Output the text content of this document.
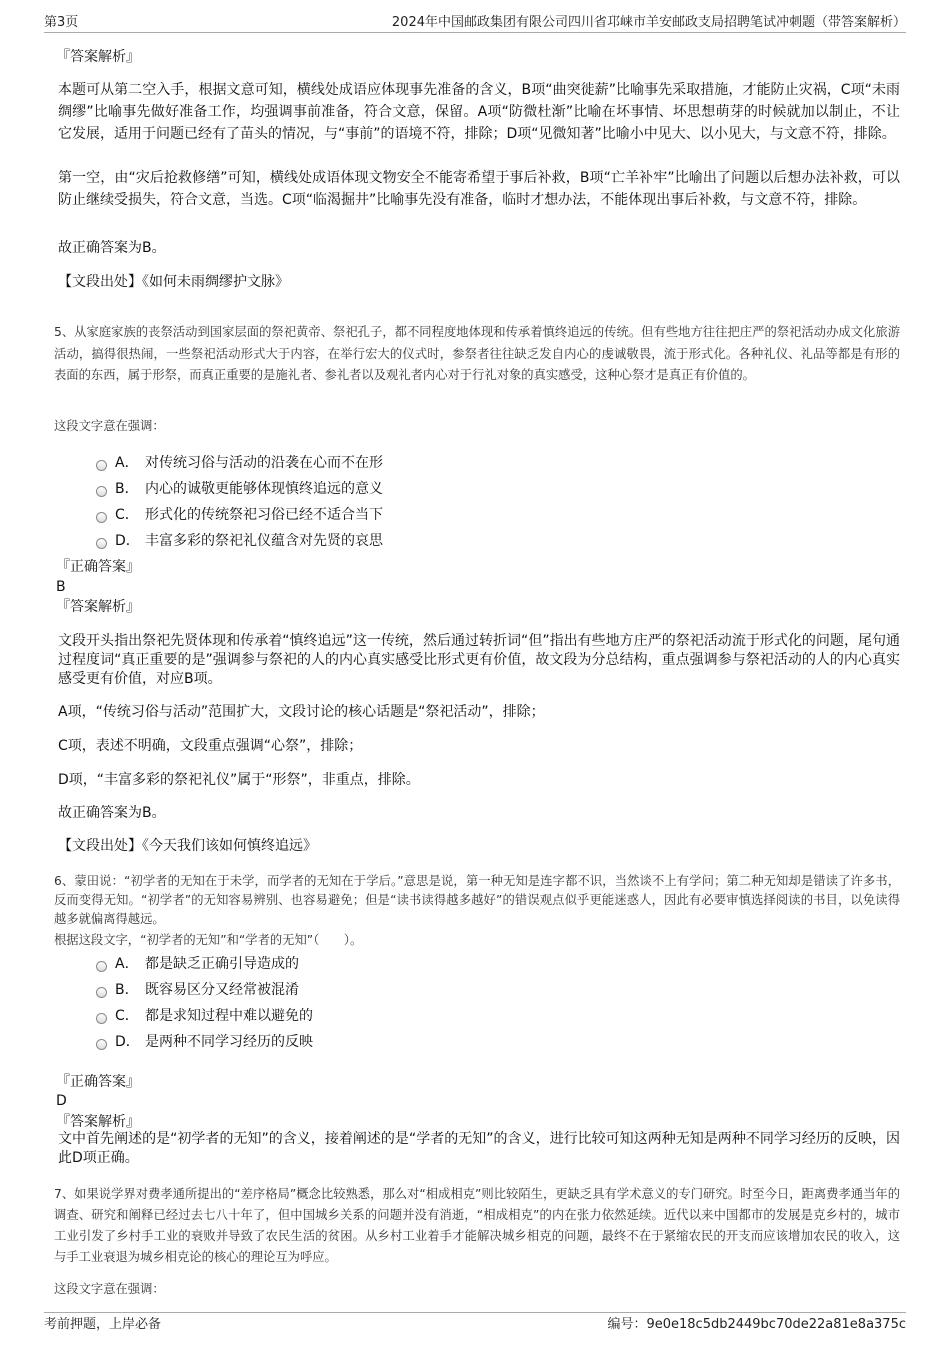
第3页	2024年中国邮政集团有限公司四川省邛崃市羊安邮政支局招聘笔试冲刺题（带答案解析）
『答案解析』
本题可从第二空入手，根据文意可知，横线处成语应体现事先准备的含义，B项“曲突徙薪”比喻事先采取措施，才能防止灾祸，C项“未雨绸缪”比喻事先做好准备工作，均强调事前准备，符合文意，保留。A项“防微杜渐”比喻在坏事情、坏思想萌芽的时候就加以制止，不让它发展，适用于问题已经有了苗头的情况，与“事前”的语境不符，排除；D项“见微知著”比喻小中见大、以小见大，与文意不符，排除。
第一空，由“灾后抢救修缮”可知，横线处成语体现文物安全不能寄希望于事后补救，B项“亡羊补牢”比喻出了问题以后想办法补救，可以防止继续受损失，符合文意，当选。C项“临渴掘井”比喻事先没有准备，临时才想办法，不能体现出事后补救，与文意不符，排除。
故正确答案为B。
【文段出处】《如何未雨绸缪护文脉》
5、从家庭家族的丧祭活动到国家层面的祭祀黄帝、祭祀孔子，都不同程度地体现和传承着慎终追远的传统。但有些地方往往把庄严的祭祀活动办成文化旅游活动，搞得很热闹，一些祭祀活动形式大于内容，在举行宏大的仪式时，参祭者往往缺乏发自内心的虔诚敬畏，流于形式化。各种礼仪、礼品等都是有形的表面的东西，属于形祭，而真正重要的是施礼者、参礼者以及观礼者内心对于行礼对象的真实感受，这种心祭才是真正有价值的。
这段文字意在强调：
A． 对传统习俗与活动的沿袭在心而不在形
B． 内心的诚敬更能够体现慎终追远的意义
C． 形式化的传统祭祀习俗已经不适合当下
D． 丰富多彩的祭祀礼仪蕴含对先贤的哀思
『正确答案』
B
『答案解析』
文段开头指出祭祀先贤体现和传承着“慎终追远”这一传统，然后通过转折词“但”指出有些地方庄严的祭祀活动流于形式化的问题，尾句通过程度词“真正重要的是”强调参与祭祀的人的内心真实感受比形式更有价值，故文段为分总结构，重点强调参与祭祀活动的人的内心真实感受更有价值，对应B项。
A项，“传统习俗与活动”范围扩大，文段讨论的核心话题是“祭祀活动”，排除；
C项，表述不明确，文段重点强调“心祭”，排除；
D项，“丰富多彩的祭祀礼仪”属于“形祭”，非重点，排除。
故正确答案为B。
【文段出处】《今天我们该如何慎终追远》
6、蒙田说：“初学者的无知在于未学，而学者的无知在于学后。”意思是说，第一种无知是连字都不识，当然谈不上有学问；第二种无知却是错读了许多书，反而变得无知。“初学者”的无知容易辨别、也容易避免；但是“读书读得越多越好”的错误观点似乎更能迷惑人，因此有必要审慎选择阅读的书目，以免读得越多就偏离得越远。
根据这段文字，“初学者的无知”和“学者的无知”（　　）。
A． 都是缺乏正确引导造成的
B． 既容易区分又经常被混淆
C． 都是求知过程中难以避免的
D． 是两种不同学习经历的反映
『正确答案』
D
『答案解析』
文中首先阐述的是“初学者的无知”的含义，接着阐述的是“学者的无知”的含义，进行比较可知这两种无知是两种不同学习经历的反映，因此D项正确。
7、如果说学界对费孝通所提出的“差序格局”概念比较熟悉，那么对“相成相克”则比较陌生，更缺乏具有学术意义的专门研究。时至今日，距离费孝通当年的调查、研究和阐释已经过去七八十年了，但中国城乡关系的问题并没有消逝，“相成相克”的内在张力依然延续。近代以来中国都市的发展是克乡村的，城市工业引发了乡村手工业的衰败并导致了农民生活的贫困。从乡村工业着手才能解决城乡相克的问题，最终不在于紧缩农民的开支而应该增加农民的收入，这与手工业衰退为城乡相克论的核心的理论互为呼应。
这段文字意在强调：
考前押题，上岸必备	编号：9e0e18c5db2449bc70de22a81e8a375c
